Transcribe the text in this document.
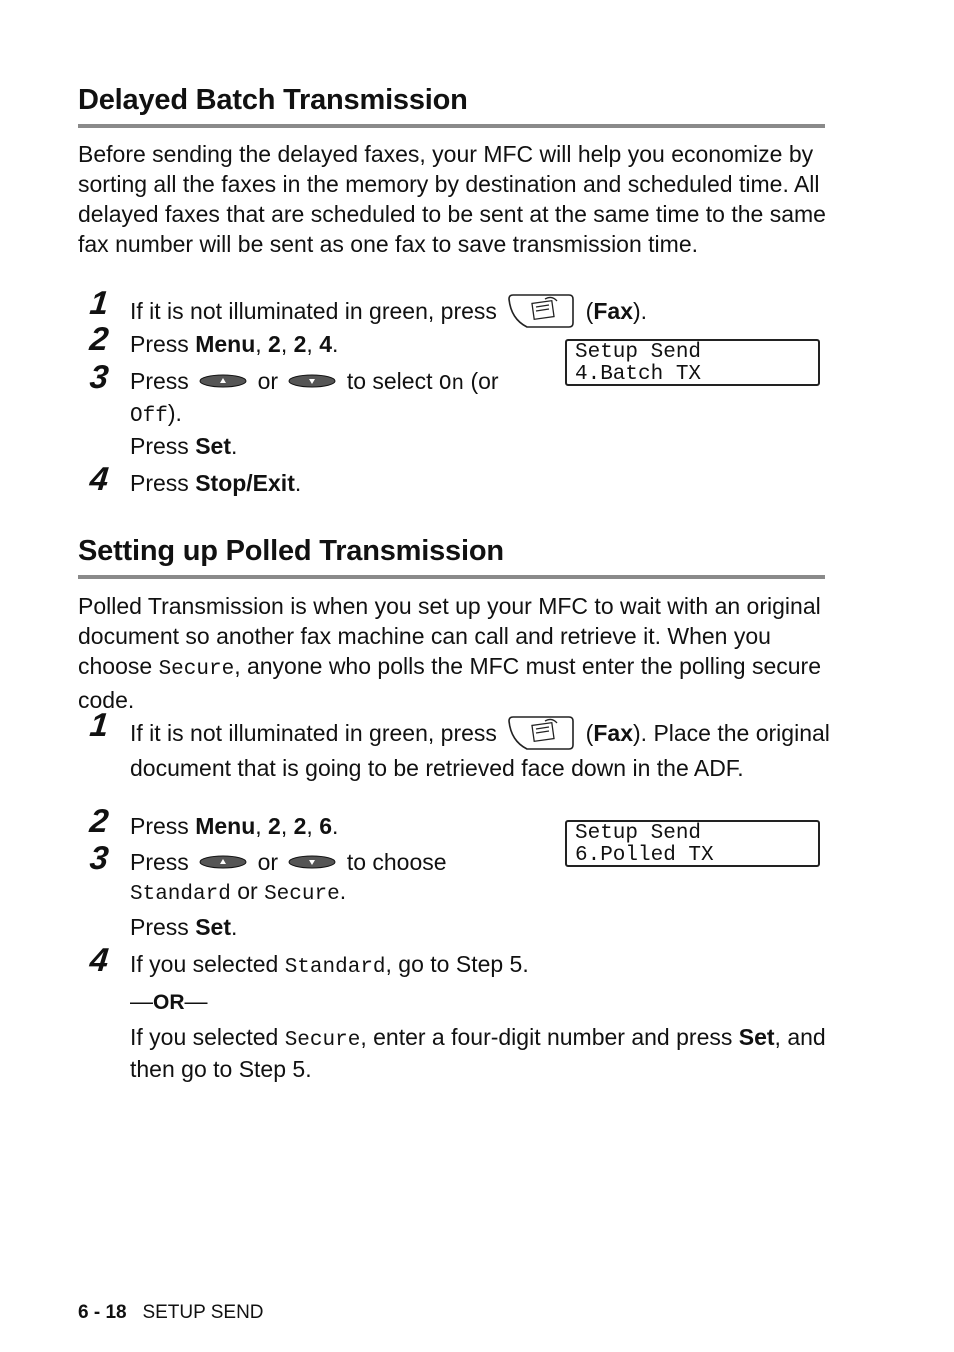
Delayed Batch Transmission
Before sending the delayed faxes, your MFC will help you economize by sorting all the faxes in the memory by destination and scheduled time. All delayed faxes that are scheduled to be sent at the same time to the same fax number will be sent as one fax to save transmission time.
1 If it is not illuminated in green, press	(Fax).
2 Press Menu, 2, 2, 4.	Setup Send
4.Batch TX
3 Press	or	to select On (or
Off).
Press Set.
4 Press Stop/Exit.
Setting up Polled Transmission
Polled Transmission is when you set up your MFC to wait with an original document so another fax machine can call and retrieve it. When you choose Secure, anyone who polls the MFC must enter the polling secure code.
1 If it is not illuminated in green, press	(Fax). Place the original document that is going to be retrieved face down in the ADF.
2 Press Menu, 2, 2, 6.	Setup Send
6.Polled TX
3 Press	or	to choose
Standard or Secure.
Press Set.
4 If you selected Standard, go to Step 5.
—OR—
If you selected Secure, enter a four-digit number and press Set, and then go to Step 5.
6 - 18 SETUP SEND
